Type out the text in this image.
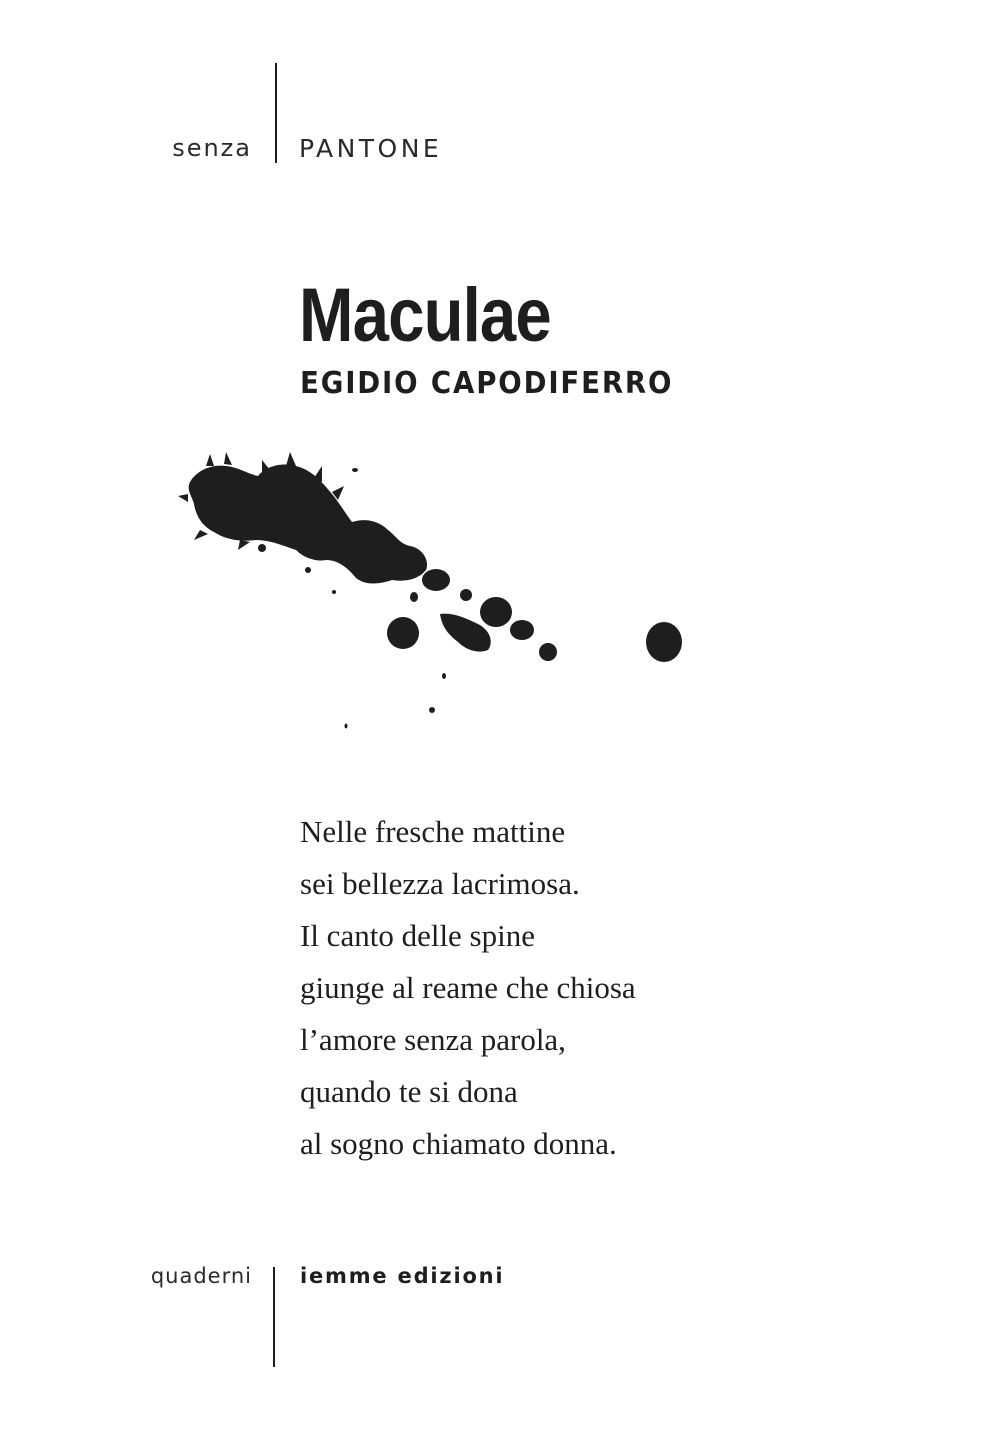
senza PANTONE
Maculae
EGIDIO CAPODIFERRO
Nelle fresche mattine
sei bellezza lacrimosa.
Il canto delle spine
giunge al reame che chiosa
l’amore senza parola,
quando te si dona
al sogno chiamato donna.
quaderni iemme edizioni
